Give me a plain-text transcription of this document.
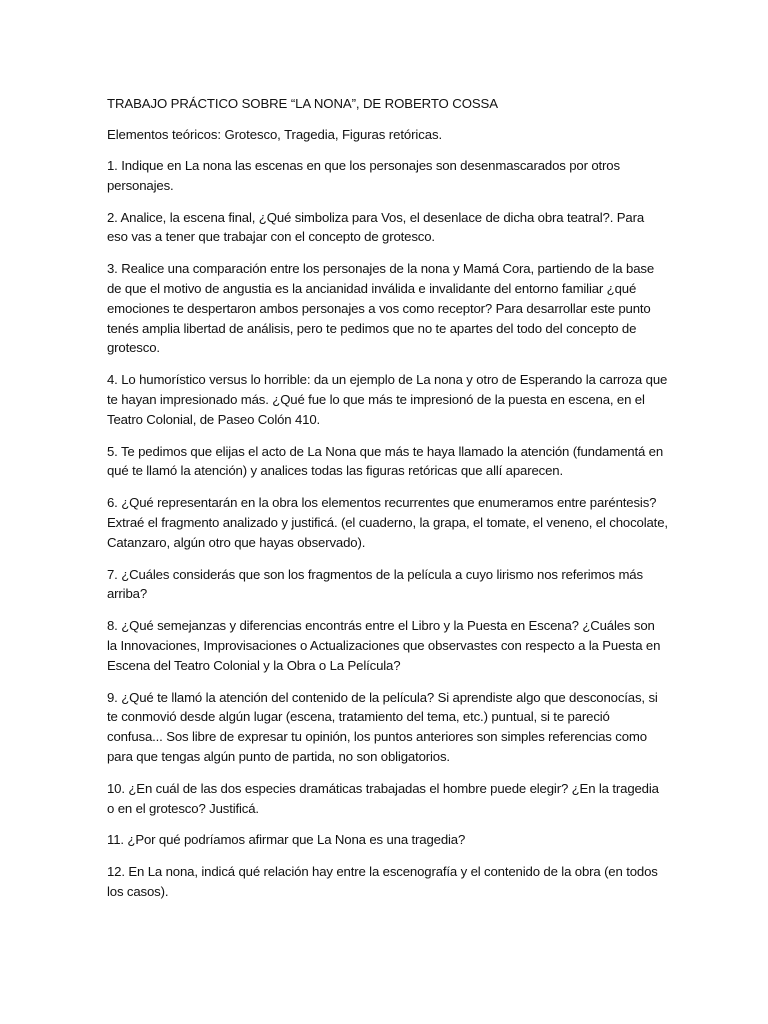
TRABAJO PRÁCTICO SOBRE “LA NONA”, DE ROBERTO COSSA
Elementos teóricos: Grotesco, Tragedia, Figuras retóricas.

1. Indique en La nona las escenas en que los personajes son desenmascarados por otros personajes.

2. Analice, la escena final, ¿Qué simboliza para Vos, el desenlace de dicha obra teatral?. Para eso vas a tener que trabajar con el concepto de grotesco.

3. Realice una comparación entre los personajes de la nona y Mamá Cora, partiendo de la base de que el motivo de angustia es la ancianidad inválida e invalidante del entorno familiar ¿qué emociones te despertaron ambos personajes a vos como receptor? Para desarrollar este punto tenés amplia libertad de análisis, pero te pedimos que no te apartes del todo del concepto de grotesco.

4. Lo humorístico versus lo horrible: da un ejemplo de La nona y otro de Esperando la carroza que te hayan impresionado más. ¿Qué fue lo que más te impresionó de la puesta en escena, en el Teatro Colonial, de Paseo Colón 410.

5. Te pedimos que elijas el acto de La Nona que más te haya llamado la atención (fundamentá en qué te llamó la atención) y analices todas las figuras retóricas que allí aparecen.

6. ¿Qué representarán en la obra los elementos recurrentes que enumeramos entre paréntesis? Extraé el fragmento analizado y justificá. (el cuaderno, la grapa, el tomate, el veneno, el chocolate, Catanzaro, algún otro que hayas observado).

7. ¿Cuáles considerás que son los fragmentos de la película a cuyo lirismo nos referimos más arriba?

8. ¿Qué semejanzas y diferencias encontrás entre el Libro y la Puesta en Escena? ¿Cuáles son la Innovaciones, Improvisaciones o Actualizaciones que observastes con respecto a la Puesta en Escena del Teatro Colonial y la Obra o La Película?

9. ¿Qué te llamó la atención del contenido de la película? Si aprendiste algo que desconocías, si te conmovió desde algún lugar (escena, tratamiento del tema, etc.) puntual, si te pareció confusa... Sos libre de expresar tu opinión, los puntos anteriores son simples referencias como para que tengas algún punto de partida, no son obligatorios.

10. ¿En cuál de las dos especies dramáticas trabajadas el hombre puede elegir? ¿En la tragedia o en el grotesco? Justificá.

11. ¿Por qué podríamos afirmar que La Nona es una tragedia?

12. En La nona, indicá qué relación hay entre la escenografía y el contenido de la obra (en todos los casos).
